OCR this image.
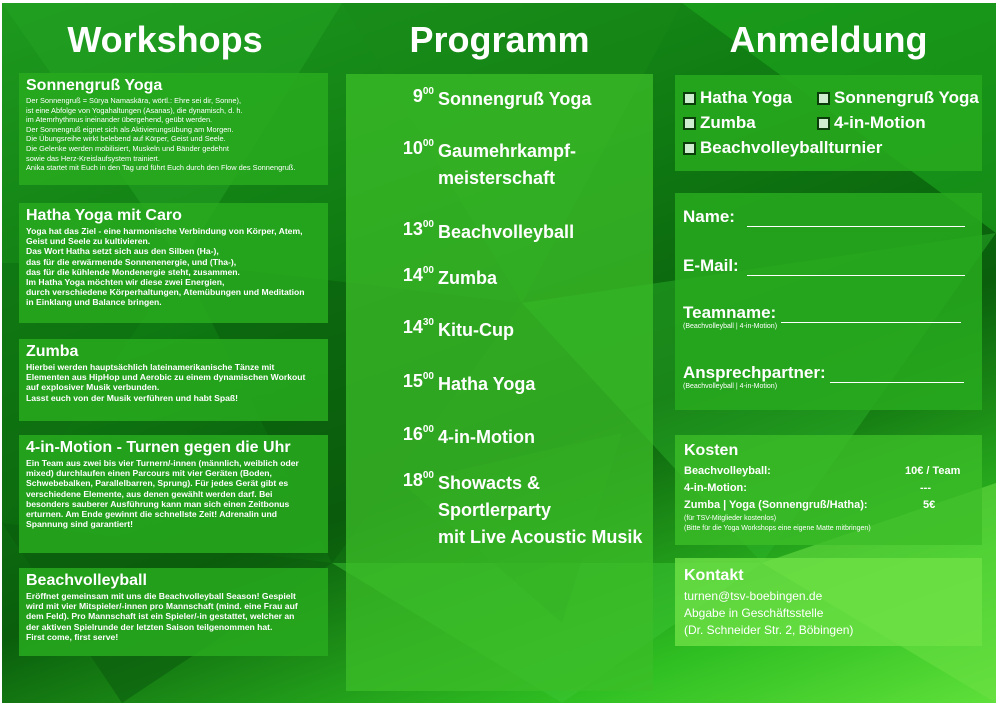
Workshops	Programm	Anmeldung
Sonnengruß Yoga

Der Sonnengruß = Sūrya Namaskāra, wörtl.: Ehre sei dir, Sonne),
ist eine Abfolge von Yogahaltungen (Asanas), die dynamisch, d. h.
im Atemrhythmus ineinander übergehend, geübt werden.
Der Sonnengruß eignet sich als Aktivierungsübung am Morgen.
Die Übungsreihe wirkt belebend auf Körper, Geist und Seele.
Die Gelenke werden mobilisiert, Muskeln und Bänder gedehnt
sowie das Herz-Kreislaufsystem trainiert.
Anika startet mit Euch in den Tag und führt Euch durch den Flow des Sonnengruß.

Hatha Yoga mit Caro

Yoga hat das Ziel - eine harmonische Verbindung von Körper, Atem,
Geist und Seele zu kultivieren.
Das Wort Hatha setzt sich aus den Silben (Ha-),
das für die erwärmende Sonnenenergie, und (Tha-),
das für die kühlende Mondenergie steht, zusammen.
Im Hatha Yoga möchten wir diese zwei Energien,
durch verschiedene Körperhaltungen, Atemübungen und Meditation
in Einklang und Balance bringen.

Zumba

Hierbei werden hauptsächlich lateinamerikanische Tänze mit
Elementen aus HipHop und Aerobic zu einem dynamischen Workout
auf explosiver Musik verbunden.
Lasst euch von der Musik verführen und habt Spaß!

4-in-Motion - Turnen gegen die Uhr

Ein Team aus zwei bis vier Turnern/-innen (männlich, weiblich oder
mixed) durchlaufen einen Parcours mit vier Geräten (Boden,
Schwebebalken, Parallelbarren, Sprung). Für jedes Gerät gibt es
verschiedene Elemente, aus denen gewählt werden darf. Bei
besonders sauberer Ausführung kann man sich einen Zeitbonus
erturnen. Am Ende gewinnt die schnellste Zeit! Adrenalin und
Spannung sind garantiert!

Beachvolleyball

Eröffnet gemeinsam mit uns die Beachvolleyball Season! Gespielt
wird mit vier Mitspieler/-innen pro Mannschaft (mind. eine Frau auf
dem Feld). Pro Mannschaft ist ein Spieler/-in gestattet, welcher an
der aktiven Spielrunde der letzten Saison teilgenommen hat.
First come, first serve!

$9^{00}$ Sonnengruß Yoga
$10^{00}$ Gaumehrkampf-
meisterschaft
$13^{00}$ Beachvolleyball
$14^{00}$ Zumba
$14^{30}$ Kitu-Cup
$15^{00}$ Hatha Yoga
$16^{00}$ 4-in-Motion
$18^{00}$ Showacts & Sportlerparty
mit Live Acoustic Musik
Hatha Yoga	Sonnengruß Yoga
Zumba	4-in-Motion
Beachvolleyballturnier
Name:
E-Mail:
Teamname:
(Beachvolleyball | 4-in-Motion)
Ansprechpartner:
(Beachvolleyball | 4-in-Motion)
Kosten
Beachvolleyball:	10€ / Team
4-in-Motion:	---
Zumba | Yoga (Sonnengruß/Hatha):	5€
(für TSV-Mitglieder kostenlos)
(Bitte für die Yoga Workshops eine eigene Matte mitbringen)
Kontakt
turnen@tsv-boebingen.de
Abgabe in Geschäftsstelle
(Dr. Schneider Str. 2, Böbingen)
